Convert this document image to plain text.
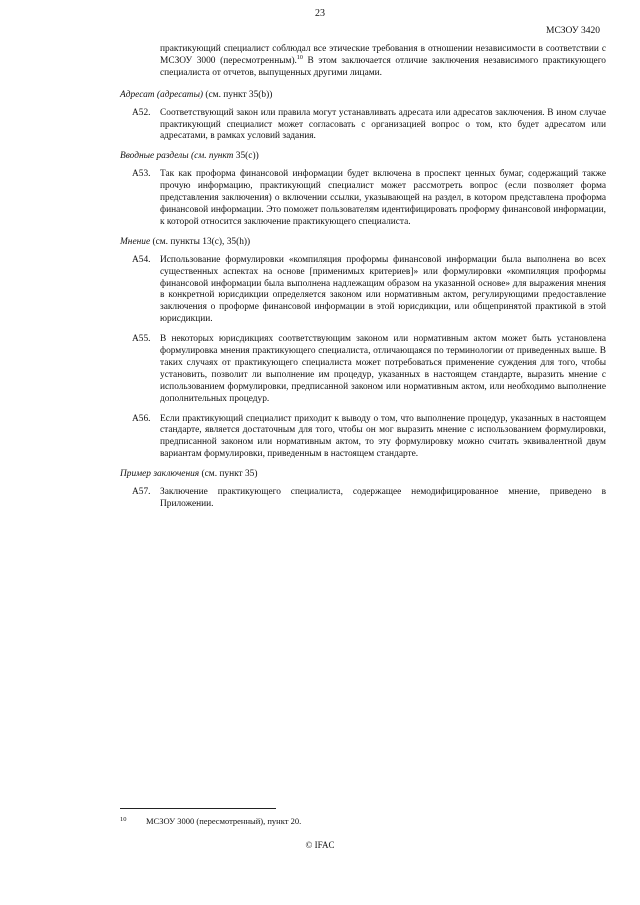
23
МСЗОУ 3420

практикующий специалист соблюдал все этические требования в отношении независимости в соответствии с МСЗОУ 3000 (пересмотренным).$^{10}$ В этом заключается отличие заключения независимого практикующего специалиста от отчетов, выпущенных другими лицами.

Адресат (адресаты) (см. пункт 35(b))
A52.	Соответствующий закон или правила могут устанавливать адресата или адресатов заключения. В ином случае практикующий специалист может согласовать с организацией вопрос о том, кто будет адресатом или адресатами, в рамках условий задания.
Вводные разделы (см. пункт 35(c))
A53.	Так как проформа финансовой информации будет включена в проспект ценных бумаг, содержащий также прочую информацию, практикующий специалист может рассмотреть вопрос (если позволяет форма представления заключения) о включении ссылки, указывающей на раздел, в котором представлена проформа финансовой информации. Это поможет пользователям идентифицировать проформу финансовой информации, к которой относится заключение практикующего специалиста.
Мнение (см. пункты 13(c), 35(h))
A54.	Использование формулировки «компиляция проформы финансовой информации была выполнена во всех существенных аспектах на основе [применимых критериев]» или формулировки «компиляция проформы финансовой информации была выполнена надлежащим образом на указанной основе» для выражения мнения в конкретной юрисдикции определяется законом или нормативным актом, регулирующими предоставление заключения о проформе финансовой информации в этой юрисдикции, или общепринятой практикой в этой юрисдикции.
A55.	В некоторых юрисдикциях соответствующим законом или нормативным актом может быть установлена формулировка мнения практикующего специалиста, отличающаяся по терминологии от приведенных выше. В таких случаях от практикующего специалиста может потребоваться применение суждения для того, чтобы установить, позволит ли выполнение им процедур, указанных в настоящем стандарте, выразить мнение с использованием формулировки, предписанной законом или нормативным актом, или необходимо выполнение дополнительных процедур.
A56.	Если практикующий специалист приходит к выводу о том, что выполнение процедур, указанных в настоящем стандарте, является достаточным для того, чтобы он мог выразить мнение с использованием формулировки, предписанной законом или нормативным актом, то эту формулировку можно считать эквивалентной двум вариантам формулировки, приведенным в настоящем стандарте.
Пример заключения (см. пункт 35)
A57.	Заключение практикующего специалиста, содержащее немодифицированное мнение, приведено в Приложении.
10	МСЗОУ 3000 (пересмотренный), пункт 20.
© IFAC
